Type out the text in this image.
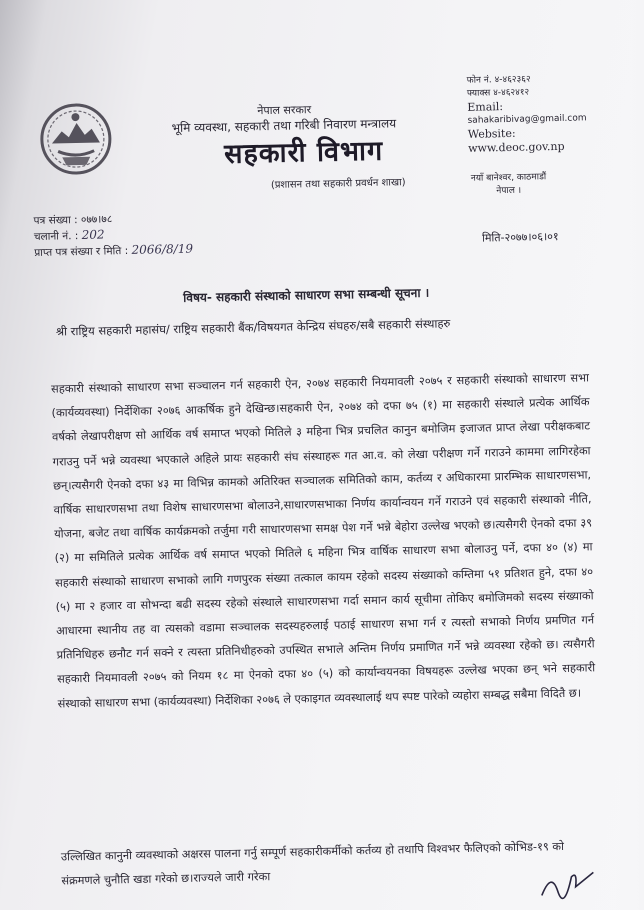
नेपाल सरकार
भूमि व्यवस्था, सहकारी तथा गरिबी निवारण मन्त्रालय
सहकारी विभाग
(प्रशासन तथा सहकारी प्रवर्धन शाखा)
फोन नं. ४-४६२३६२
फ्याक्स ४-४६२४१२
Email:
sahakaribivag@gmail.com
Website:
www.deoc.gov.np
नयाँ बानेश्वर, काठमाडौं
नेपाल ।
पत्र संख्या : ०७७।७८
चलानी नं. : 202
प्राप्त पत्र संख्या र मिति : 2066/8/19
मिति-२०७७।०६।०१
विषय- सहकारी संस्थाको साधारण सभा सम्बन्धी सूचना ।
श्री राष्ट्रिय सहकारी महासंघ/ राष्ट्रिय सहकारी बैंक/विषयगत केन्द्रिय संघहरु/सबै सहकारी संस्थाहरु

सहकारी संस्थाको साधारण सभा सञ्चालन गर्न सहकारी ऐन, २०७४ सहकारी नियमावली २०७५ र सहकारी संस्थाको साधारण सभा (कार्यव्यवस्था) निर्देशिका २०७६ आकर्षिक हुने देखिन्छ।सहकारी ऐन, २०७४ को दफा ७५ (१) मा सहकारी संस्थाले प्रत्येक आर्थिक वर्षको लेखापरीक्षण सो आर्थिक वर्ष समाप्त भएको मितिले ३ महिना भित्र प्रचलित कानुन बमोजिम इजाजत प्राप्त लेखा परीक्षकबाट गराउनु पर्ने भन्ने व्यवस्था भएकाले अहिले प्रायः सहकारी संघ संस्थाहरू गत आ.व. को लेखा परीक्षण गर्ने गराउने काममा लागिरहेका छन्।त्यसैगरी ऐनको दफा ४३ मा विभिन्न कामको अतिरिक्त सञ्चालक समितिको काम, कर्तव्य र अधिकारमा प्रारम्भिक साधारणसभा, वार्षिक साधारणसभा तथा विशेष साधारणसभा बोलाउने,साधारणसभाका निर्णय कार्यान्वयन गर्ने गराउने एवं सहकारी संस्थाको नीति, योजना, बजेट तथा वार्षिक कार्यक्रमको तर्जुमा गरी साधारणसभा समक्ष पेश गर्ने भन्ने बेहोरा उल्लेख भएको छ।त्यसैगरी ऐनको दफा ३९ (२) मा समितिले प्रत्येक आर्थिक वर्ष समाप्त भएको मितिले ६ महिना भित्र वार्षिक साधारण सभा बोलाउनु पर्ने, दफा ४० (४) मा सहकारी संस्थाको साधारण सभाको लागि गणपुरक संख्या तत्काल कायम रहेको सदस्य संख्याको कम्तिमा ५१ प्रतिशत हुने, दफा ४० (५) मा २ हजार वा सोभन्दा बढी सदस्य रहेको संस्थाले साधारणसभा गर्दा समान कार्य सूचीमा तोकिए बमोजिमको सदस्य संख्याको आधारमा स्थानीय तह वा त्यसको वडामा सञ्चालक सदस्यहरुलाई पठाई साधारण सभा गर्न र त्यस्तो सभाको निर्णय प्रमणित गर्न प्रतिनिधिहरु छनौट गर्न सक्ने र त्यस्ता प्रतिनिधीहरुको उपस्थित सभाले अन्तिम निर्णय प्रमाणित गर्ने भन्ने व्यवस्था रहेको छ। त्यसैगरी सहकारी नियमावली २०७५ को नियम १८ मा ऐनको दफा ४० (५) को कार्यान्वयनका विषयहरू उल्लेख भएका छन् भने सहकारी संस्थाको साधारण सभा (कार्यव्यवस्था) निर्देशिका २०७६ ले एकाइगत व्यवस्थालाई थप स्पष्ट पारेको व्यहोरा सम्बद्ध सबैमा विदितै छ।

उल्लिखित कानुनी व्यवस्थाको अक्षरस पालना गर्नु सम्पूर्ण सहकारीकर्मीको कर्तव्य हो तथापि विश्वभर फैलिएको कोभिड-१९ को संक्रमणले चुनौति खडा गरेको छ।राज्यले जारी गरेका
